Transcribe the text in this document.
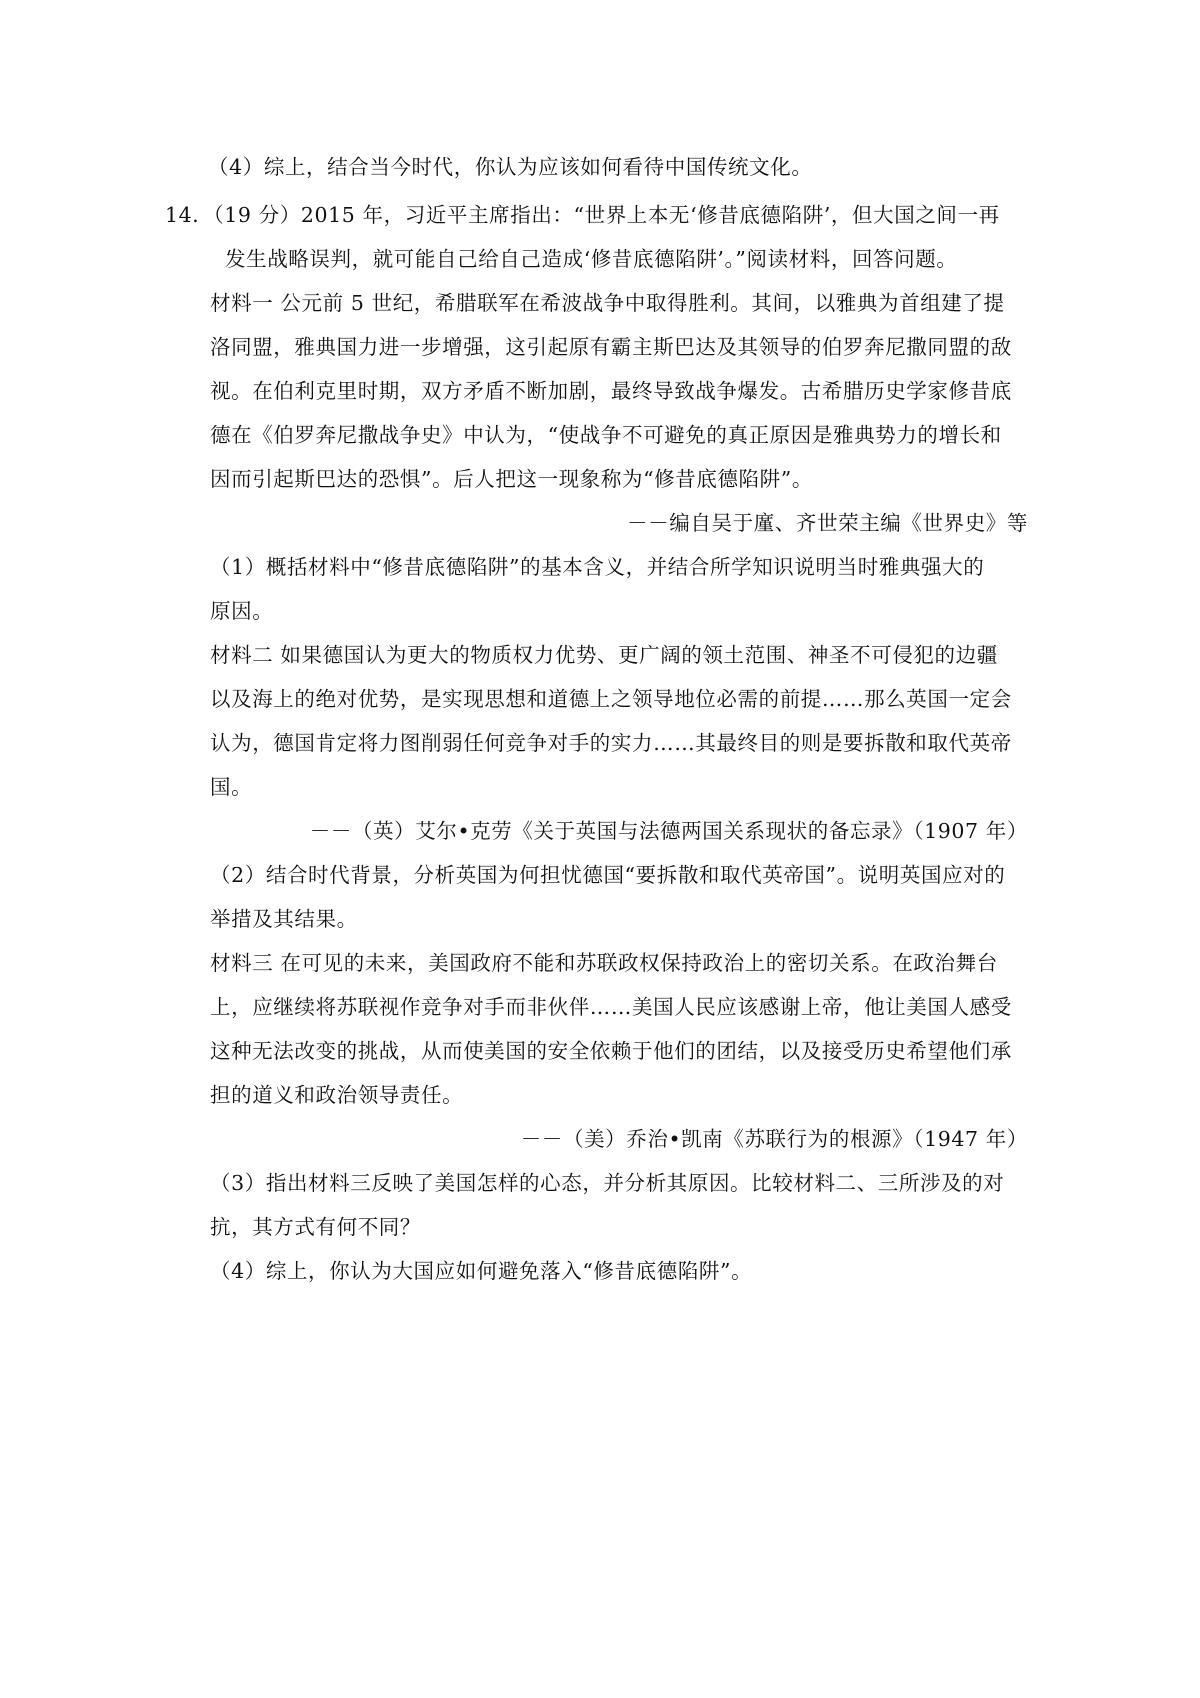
（4）综上，结合当今时代，你认为应该如何看待中国传统文化。
14．（19 分）2015 年，习近平主席指出：“世界上本无‘修昔底德陷阱’，但大国之间一再
发生战略误判，就可能自己给自己造成‘修昔底德陷阱’。”阅读材料，回答问题。
材料一 公元前 5 世纪，希腊联军在希波战争中取得胜利。其间，以雅典为首组建了提
洛同盟，雅典国力进一步增强，这引起原有霸主斯巴达及其领导的伯罗奔尼撒同盟的敌
视。在伯利克里时期，双方矛盾不断加剧，最终导致战争爆发。古希腊历史学家修昔底
德在《伯罗奔尼撒战争史》中认为，“使战争不可避免的真正原因是雅典势力的增长和
因而引起斯巴达的恐惧”。后人把这一现象称为“修昔底德陷阱”。
－－编自吴于廑、齐世荣主编《世界史》等
（1）概括材料中“修昔底德陷阱”的基本含义，并结合所学知识说明当时雅典强大的
原因。
材料二 如果德国认为更大的物质权力优势、更广阔的领土范围、神圣不可侵犯的边疆
以及海上的绝对优势，是实现思想和道德上之领导地位必需的前提……那么英国一定会
认为，德国肯定将力图削弱任何竞争对手的实力……其最终目的则是要拆散和取代英帝
国。
－－（英）艾尔•克劳《关于英国与法德两国关系现状的备忘录》（1907 年）
（2）结合时代背景，分析英国为何担忧德国“要拆散和取代英帝国”。说明英国应对的
举措及其结果。
材料三 在可见的未来，美国政府不能和苏联政权保持政治上的密切关系。在政治舞台
上，应继续将苏联视作竞争对手而非伙伴……美国人民应该感谢上帝，他让美国人感受
这种无法改变的挑战，从而使美国的安全依赖于他们的团结，以及接受历史希望他们承
担的道义和政治领导责任。
－－（美）乔治•凯南《苏联行为的根源》（1947 年）
（3）指出材料三反映了美国怎样的心态，并分析其原因。比较材料二、三所涉及的对
抗，其方式有何不同？
（4）综上，你认为大国应如何避免落入“修昔底德陷阱”。
